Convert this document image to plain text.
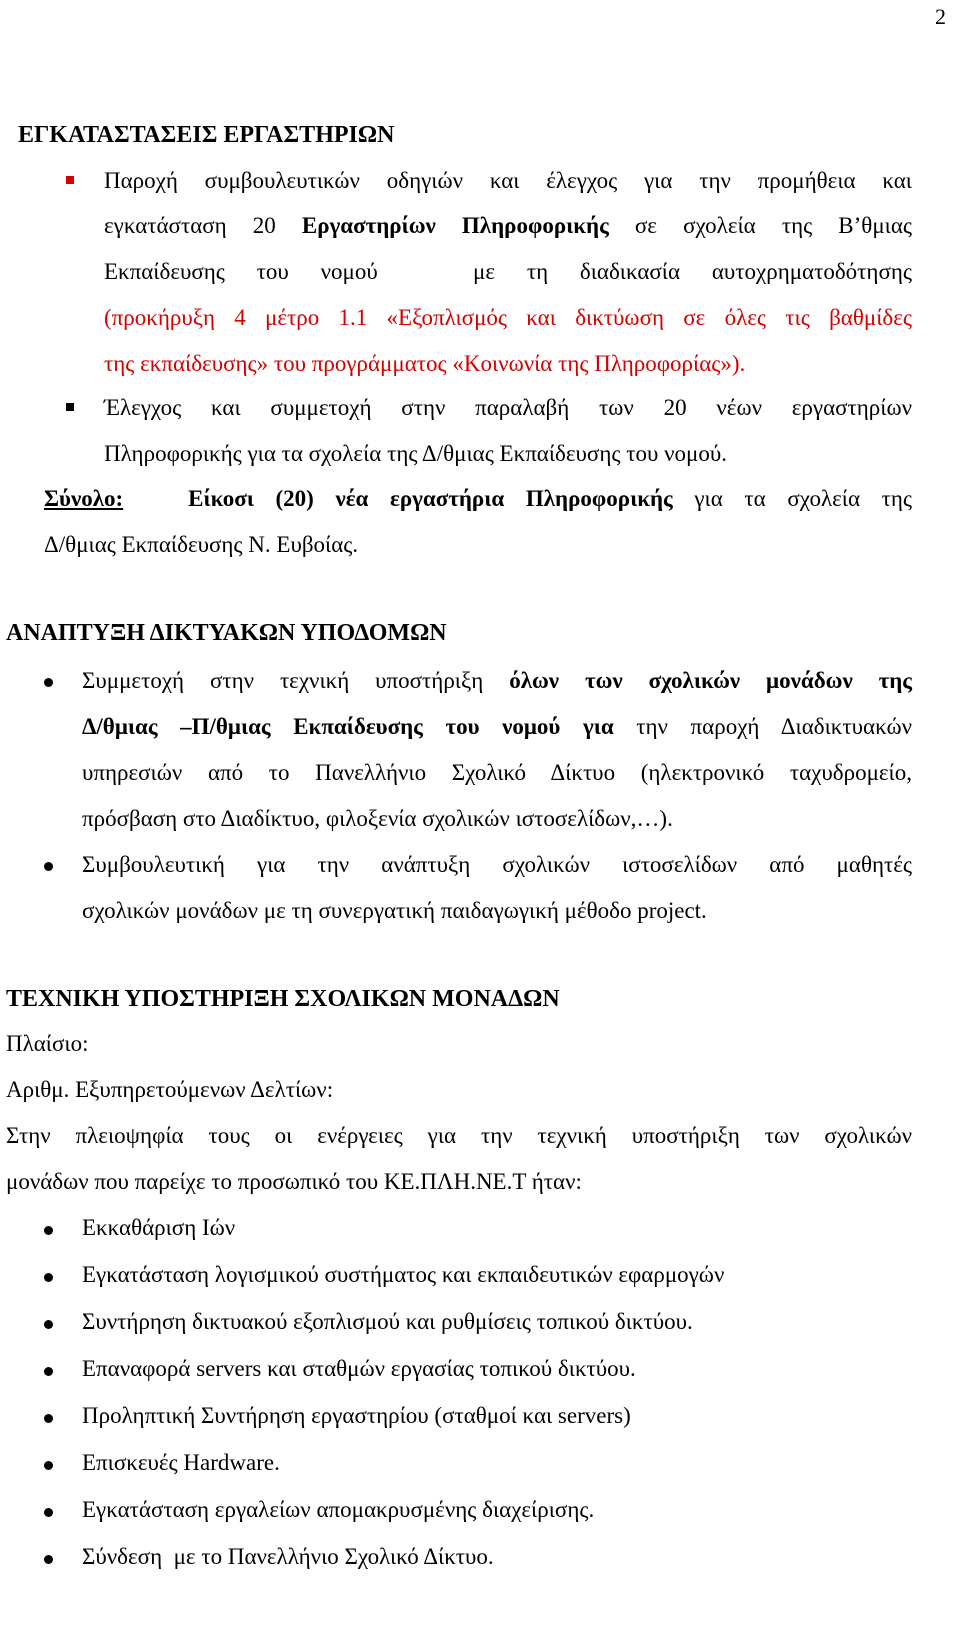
2
ΕΓΚΑΤΑΣΤΑΣΕΙΣ ΕΡΓΑΣΤΗΡΙΩΝ
Παροχή συμβουλευτικών οδηγιών και έλεγχος για την προμήθεια και
εγκατάσταση 20 Εργαστηρίων Πληροφορικής σε σχολεία της Β’θμιας
Εκπαίδευσης του νομού   με τη διαδικασία αυτοχρηματοδότησης
(προκήρυξη 4 μέτρο 1.1 «Εξοπλισμός και δικτύωση σε όλες τις βαθμίδες
της εκπαίδευσης» του προγράμματος «Κοινωνία της Πληροφορίας»).
Έλεγχος και συμμετοχή στην παραλαβή των 20 νέων εργαστηρίων
Πληροφορικής για τα σχολεία της Δ/θμιας Εκπαίδευσης του νομού.
Σύνολο:	Είκοσι (20) νέα εργαστήρια Πληροφορικής για τα σχολεία της
Δ/θμιας Εκπαίδευσης Ν. Ευβοίας.
ΑΝΑΠΤΥΞΗ ΔΙΚΤΥΑΚΩΝ ΥΠΟΔΟΜΩΝ
Συμμετοχή στην τεχνική υποστήριξη όλων των σχολικών μονάδων της
Δ/θμιας –Π/θμιας Εκπαίδευσης του νομού για την παροχή Διαδικτυακών
υπηρεσιών από το Πανελλήνιο Σχολικό Δίκτυο (ηλεκτρονικό ταχυδρομείο,
πρόσβαση στο Διαδίκτυο, φιλοξενία σχολικών ιστοσελίδων,…).
Συμβουλευτική για την ανάπτυξη σχολικών ιστοσελίδων από μαθητές
σχολικών μονάδων με τη συνεργατική παιδαγωγική μέθοδο project.
ΤΕΧΝΙΚΗ ΥΠΟΣΤΗΡΙΞΗ ΣΧΟΛΙΚΩΝ ΜΟΝΑΔΩΝ
Πλαίσιο:
Αριθμ. Εξυπηρετούμενων Δελτίων:
Στην πλειοψηφία τους οι ενέργειες για την τεχνική υποστήριξη των σχολικών
μονάδων που παρείχε το προσωπικό του ΚΕ.ΠΛΗ.ΝΕ.Τ ήταν:
Εκκαθάριση Ιών
Εγκατάσταση λογισμικού συστήματος και εκπαιδευτικών εφαρμογών
Συντήρηση δικτυακού εξοπλισμού και ρυθμίσεις τοπικού δικτύου.
Επαναφορά servers και σταθμών εργασίας τοπικού δικτύου.
Προληπτική Συντήρηση εργαστηρίου (σταθμοί και servers)
Επισκευές Hardware.
Εγκατάσταση εργαλείων απομακρυσμένης διαχείρισης.
Σύνδεση  με το Πανελλήνιο Σχολικό Δίκτυο.
